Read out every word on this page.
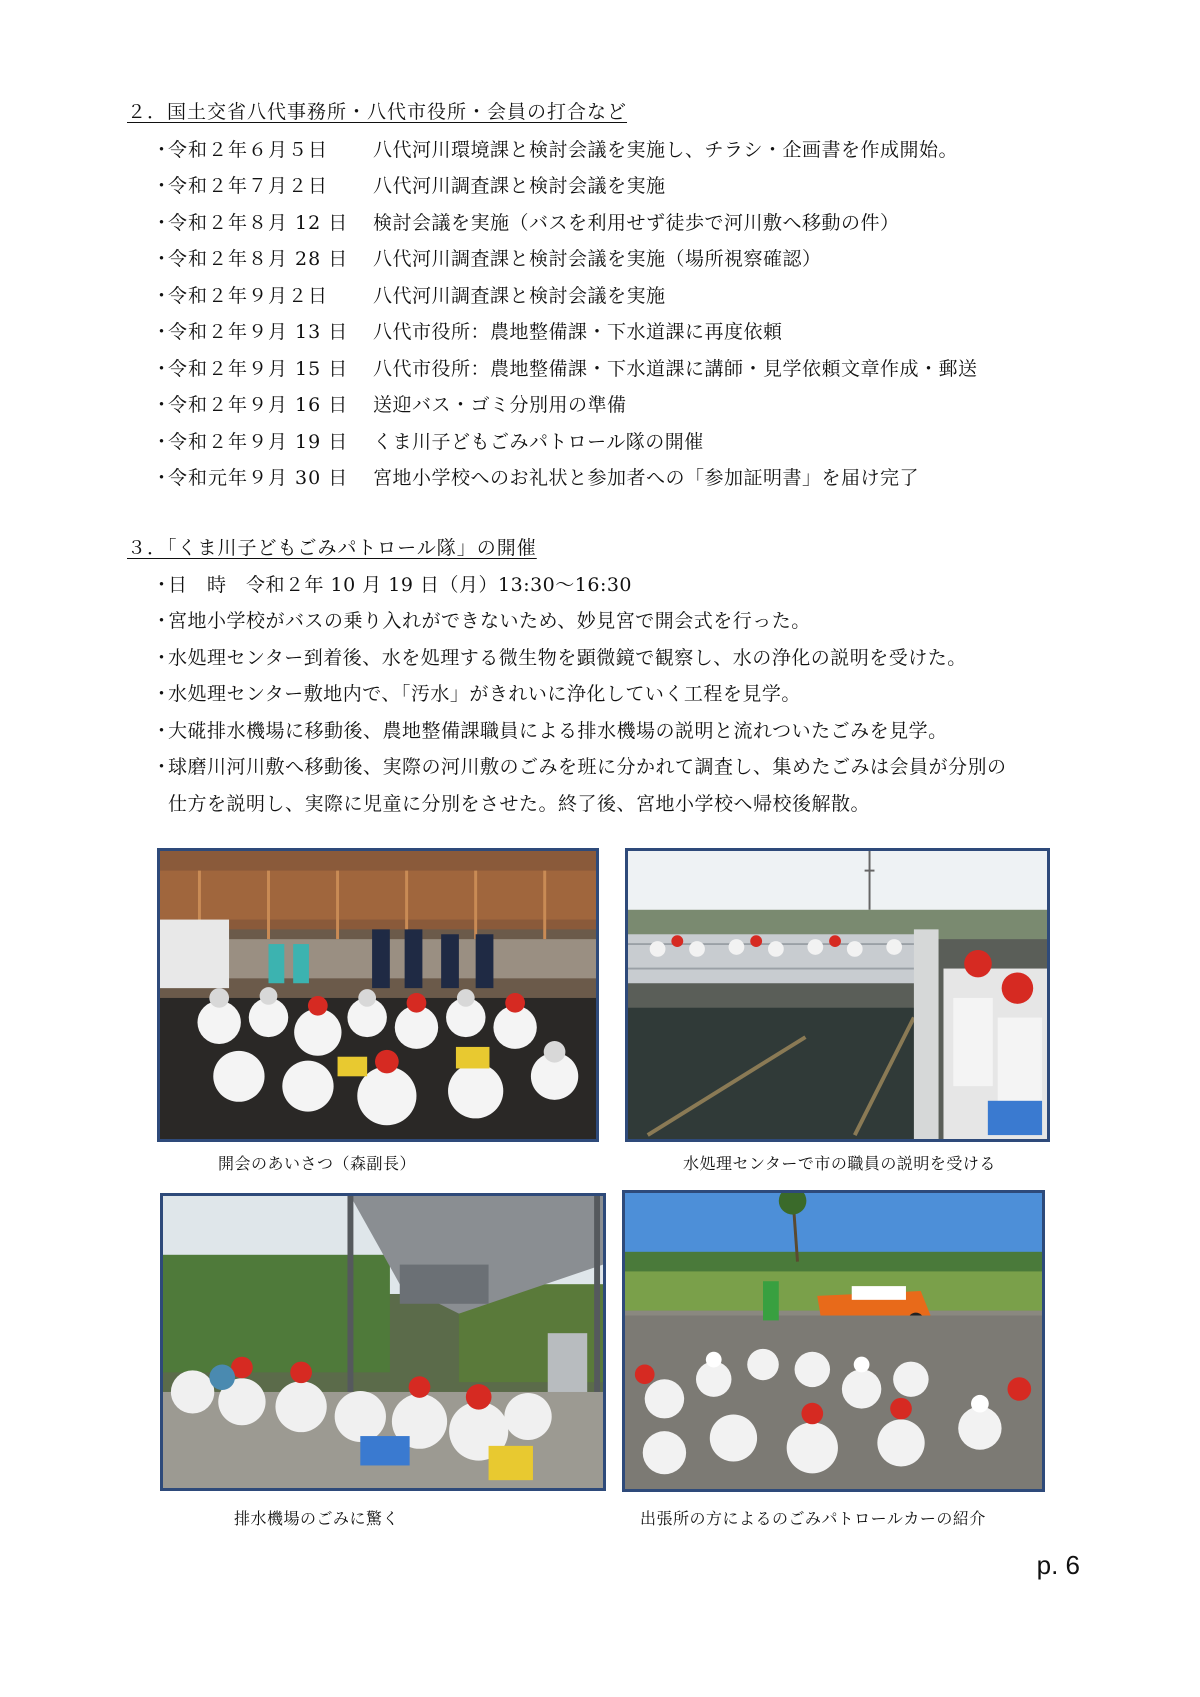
２．国土交省八代事務所・八代市役所・会員の打合など
・
令和２年６月５日	八代河川環境課と検討会議を実施し、チラシ・企画書を作成開始。
・
令和２年７月２日	八代河川調査課と検討会議を実施
・
令和２年８月 12 日	検討会議を実施（バスを利用せず徒歩で河川敷へ移動の件）
・
令和２年８月 28 日	八代河川調査課と検討会議を実施（場所視察確認）
・
令和２年９月２日	八代河川調査課と検討会議を実施
・
令和２年９月 13 日	八代市役所：農地整備課・下水道課に再度依頼
・
令和２年９月 15 日	八代市役所：農地整備課・下水道課に講師・見学依頼文章作成・郵送
・
令和２年９月 16 日	送迎バス・ゴミ分別用の準備
・
令和２年９月 19 日	くま川子どもごみパトロール隊の開催
・
令和元年９月 30 日	宮地小学校へのお礼状と参加者への「参加証明書」を届け完了
３．「くま川子どもごみパトロール隊」の開催
・
日　時　令和２年 10 月 19 日（月）13:30〜16:30
・
宮地小学校がバスの乗り入れができないため、妙見宮で開会式を行った。
・
水処理センター到着後、水を処理する微生物を顕微鏡で観察し、水の浄化の説明を受けた。
・
水処理センター敷地内で、「汚水」がきれいに浄化していく工程を見学。
・
大硴排水機場に移動後、農地整備課職員による排水機場の説明と流れついたごみを見学。
・
球磨川河川敷へ移動後、実際の河川敷のごみを班に分かれて調査し、集めたごみは会員が分別の
仕方を説明し、実際に児童に分別をさせた。終了後、宮地小学校へ帰校後解散。
開会のあいさつ（森副長）	水処理センターで市の職員の説明を受ける
排水機場のごみに驚く	出張所の方によるのごみパトロールカーの紹介
p. 6
